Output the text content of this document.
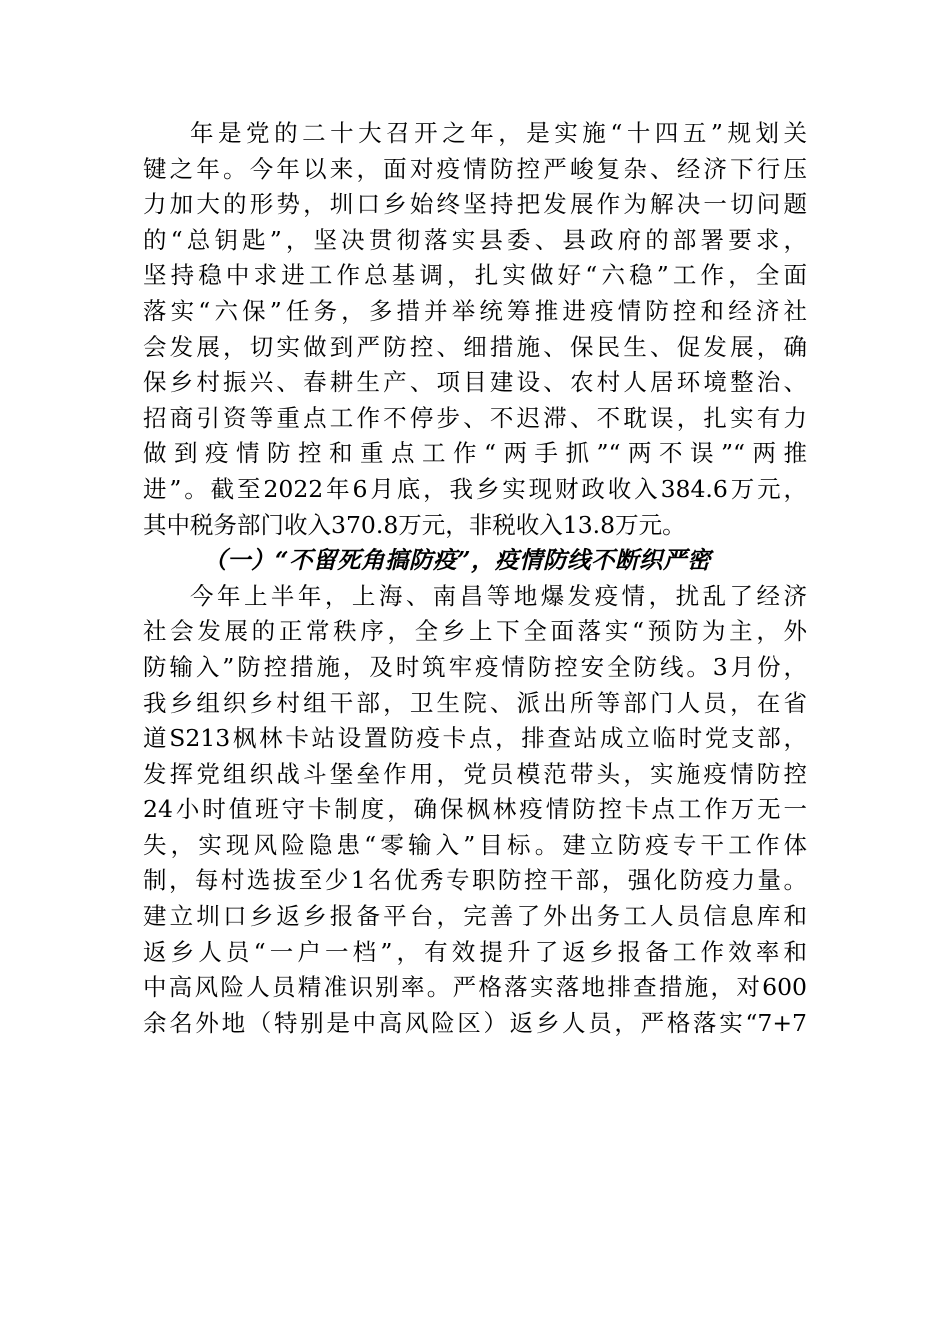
年是党的二十大召开之年，是实施“十四五”规划关
键之年。今年以来，面对疫情防控严峻复杂、经济下行压
力加大的形势，圳口乡始终坚持把发展作为解决一切问题
的“总钥匙”，坚决贯彻落实县委、县政府的部署要求，
坚持稳中求进工作总基调，扎实做好“六稳”工作，全面
落实“六保”任务，多措并举统筹推进疫情防控和经济社
会发展，切实做到严防控、细措施、保民生、促发展，确
保乡村振兴、春耕生产、项目建设、农村人居环境整治、
招商引资等重点工作不停步、不迟滞、不耽误，扎实有力
做到疫情防控和重点工作“两手抓”“两不误”“两推
进”。截至2022年6月底，我乡实现财政收入384.6万元，
其中税务部门收入370.8万元，非税收入13.8万元。
（一）“不留死角搞防疫”，疫情防线不断织严密
今年上半年，上海、南昌等地爆发疫情，扰乱了经济
社会发展的正常秩序，全乡上下全面落实“预防为主，外
防输入”防控措施，及时筑牢疫情防控安全防线。3月份，
我乡组织乡村组干部，卫生院、派出所等部门人员，在省
道S213枫林卡站设置防疫卡点，排查站成立临时党支部，
发挥党组织战斗堡垒作用，党员模范带头，实施疫情防控
24小时值班守卡制度，确保枫林疫情防控卡点工作万无一
失，实现风险隐患“零输入”目标。建立防疫专干工作体
制，每村选拔至少1名优秀专职防控干部，强化防疫力量。
建立圳口乡返乡报备平台，完善了外出务工人员信息库和
返乡人员“一户一档”，有效提升了返乡报备工作效率和
中高风险人员精准识别率。严格落实落地排查措施，对600
余名外地（特别是中高风险区）返乡人员，严格落实“7+7
